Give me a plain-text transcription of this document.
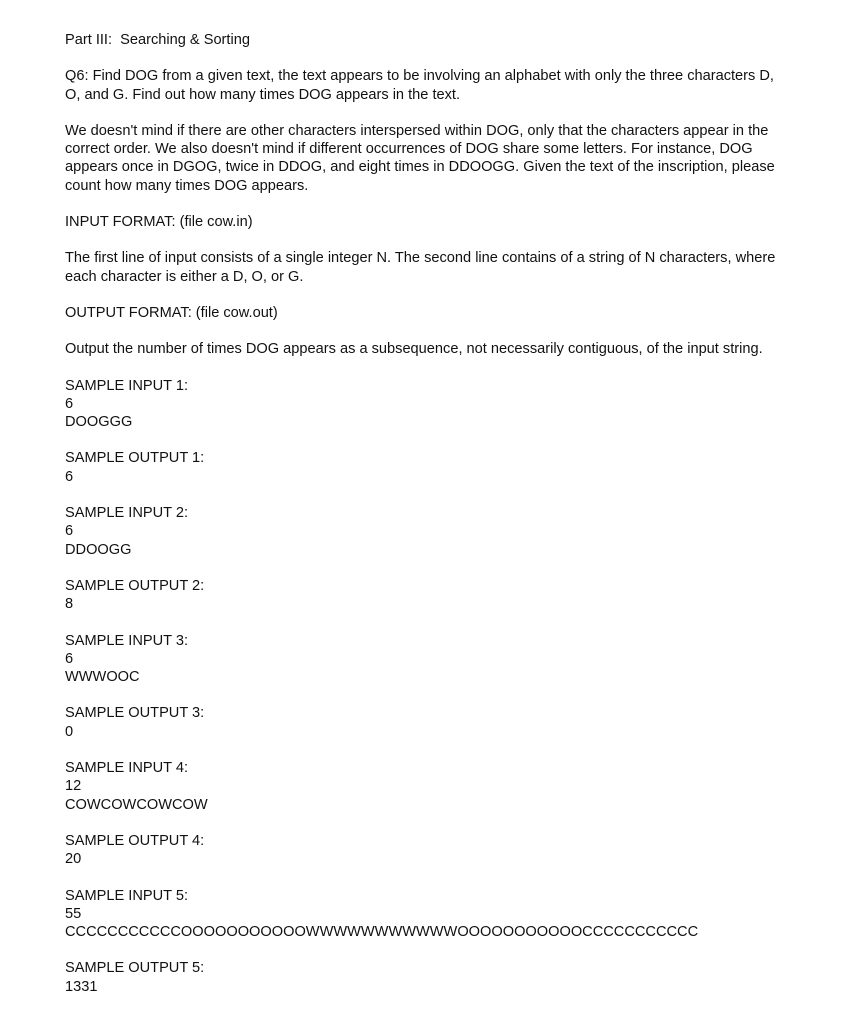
Part III:  Searching & Sorting

Q6: Find DOG from a given text, the text appears to be involving an alphabet with only the three characters D, O, and G. Find out how many times DOG appears in the text.

We doesn't mind if there are other characters interspersed within DOG, only that the characters appear in the correct order. We also doesn't mind if different occurrences of DOG share some letters. For instance, DOG appears once in DGOG, twice in DDOG, and eight times in DDOOGG. Given the text of the inscription, please count how many times DOG appears.

INPUT FORMAT: (file cow.in)

The first line of input consists of a single integer N. The second line contains of a string of N characters, where each character is either a D, O, or G.

OUTPUT FORMAT: (file cow.out)

Output the number of times DOG appears as a subsequence, not necessarily contiguous, of the input string.

SAMPLE INPUT 1:
6
DOOGGG
SAMPLE OUTPUT 1:
6
SAMPLE INPUT 2:
6
DDOOGG
SAMPLE OUTPUT 2:
8
SAMPLE INPUT 3:
6
WWWOOC
SAMPLE OUTPUT 3:
0
SAMPLE INPUT 4:
12
COWCOWCOWCOW
SAMPLE OUTPUT 4:
20
SAMPLE INPUT 5:
55
CCCCCCCCCCCOOOOOOOOOOOWWWWWWWWWWWOOOOOOOOOOOCCCCCCCCCCC
SAMPLE OUTPUT 5:
1331
